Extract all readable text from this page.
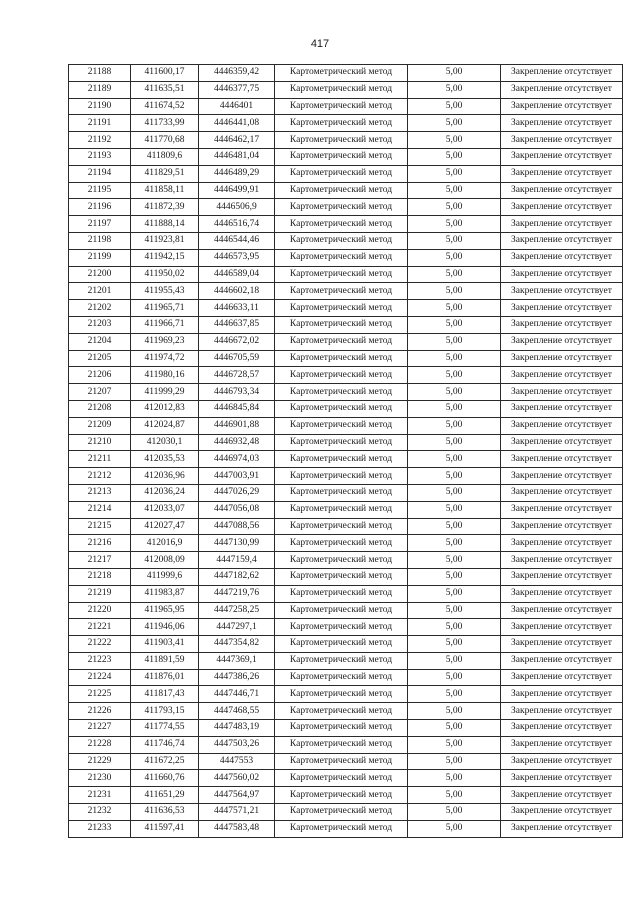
417
21188	411600,17	4446359,42	Картометрический метод	5,00	Закрепление отсутствует
21189	411635,51	4446377,75	Картометрический метод	5,00	Закрепление отсутствует
21190	411674,52	4446401	Картометрический метод	5,00	Закрепление отсутствует
21191	411733,99	4446441,08	Картометрический метод	5,00	Закрепление отсутствует
21192	411770,68	4446462,17	Картометрический метод	5,00	Закрепление отсутствует
21193	411809,6	4446481,04	Картометрический метод	5,00	Закрепление отсутствует
21194	411829,51	4446489,29	Картометрический метод	5,00	Закрепление отсутствует
21195	411858,11	4446499,91	Картометрический метод	5,00	Закрепление отсутствует
21196	411872,39	4446506,9	Картометрический метод	5,00	Закрепление отсутствует
21197	411888,14	4446516,74	Картометрический метод	5,00	Закрепление отсутствует
21198	411923,81	4446544,46	Картометрический метод	5,00	Закрепление отсутствует
21199	411942,15	4446573,95	Картометрический метод	5,00	Закрепление отсутствует
21200	411950,02	4446589,04	Картометрический метод	5,00	Закрепление отсутствует
21201	411955,43	4446602,18	Картометрический метод	5,00	Закрепление отсутствует
21202	411965,71	4446633,11	Картометрический метод	5,00	Закрепление отсутствует
21203	411966,71	4446637,85	Картометрический метод	5,00	Закрепление отсутствует
21204	411969,23	4446672,02	Картометрический метод	5,00	Закрепление отсутствует
21205	411974,72	4446705,59	Картометрический метод	5,00	Закрепление отсутствует
21206	411980,16	4446728,57	Картометрический метод	5,00	Закрепление отсутствует
21207	411999,29	4446793,34	Картометрический метод	5,00	Закрепление отсутствует
21208	412012,83	4446845,84	Картометрический метод	5,00	Закрепление отсутствует
21209	412024,87	4446901,88	Картометрический метод	5,00	Закрепление отсутствует
21210	412030,1	4446932,48	Картометрический метод	5,00	Закрепление отсутствует
21211	412035,53	4446974,03	Картометрический метод	5,00	Закрепление отсутствует
21212	412036,96	4447003,91	Картометрический метод	5,00	Закрепление отсутствует
21213	412036,24	4447026,29	Картометрический метод	5,00	Закрепление отсутствует
21214	412033,07	4447056,08	Картометрический метод	5,00	Закрепление отсутствует
21215	412027,47	4447088,56	Картометрический метод	5,00	Закрепление отсутствует
21216	412016,9	4447130,99	Картометрический метод	5,00	Закрепление отсутствует
21217	412008,09	4447159,4	Картометрический метод	5,00	Закрепление отсутствует
21218	411999,6	4447182,62	Картометрический метод	5,00	Закрепление отсутствует
21219	411983,87	4447219,76	Картометрический метод	5,00	Закрепление отсутствует
21220	411965,95	4447258,25	Картометрический метод	5,00	Закрепление отсутствует
21221	411946,06	4447297,1	Картометрический метод	5,00	Закрепление отсутствует
21222	411903,41	4447354,82	Картометрический метод	5,00	Закрепление отсутствует
21223	411891,59	4447369,1	Картометрический метод	5,00	Закрепление отсутствует
21224	411876,01	4447386,26	Картометрический метод	5,00	Закрепление отсутствует
21225	411817,43	4447446,71	Картометрический метод	5,00	Закрепление отсутствует
21226	411793,15	4447468,55	Картометрический метод	5,00	Закрепление отсутствует
21227	411774,55	4447483,19	Картометрический метод	5,00	Закрепление отсутствует
21228	411746,74	4447503,26	Картометрический метод	5,00	Закрепление отсутствует
21229	411672,25	4447553	Картометрический метод	5,00	Закрепление отсутствует
21230	411660,76	4447560,02	Картометрический метод	5,00	Закрепление отсутствует
21231	411651,29	4447564,97	Картометрический метод	5,00	Закрепление отсутствует
21232	411636,53	4447571,21	Картометрический метод	5,00	Закрепление отсутствует
21233	411597,41	4447583,48	Картометрический метод	5,00	Закрепление отсутствует
